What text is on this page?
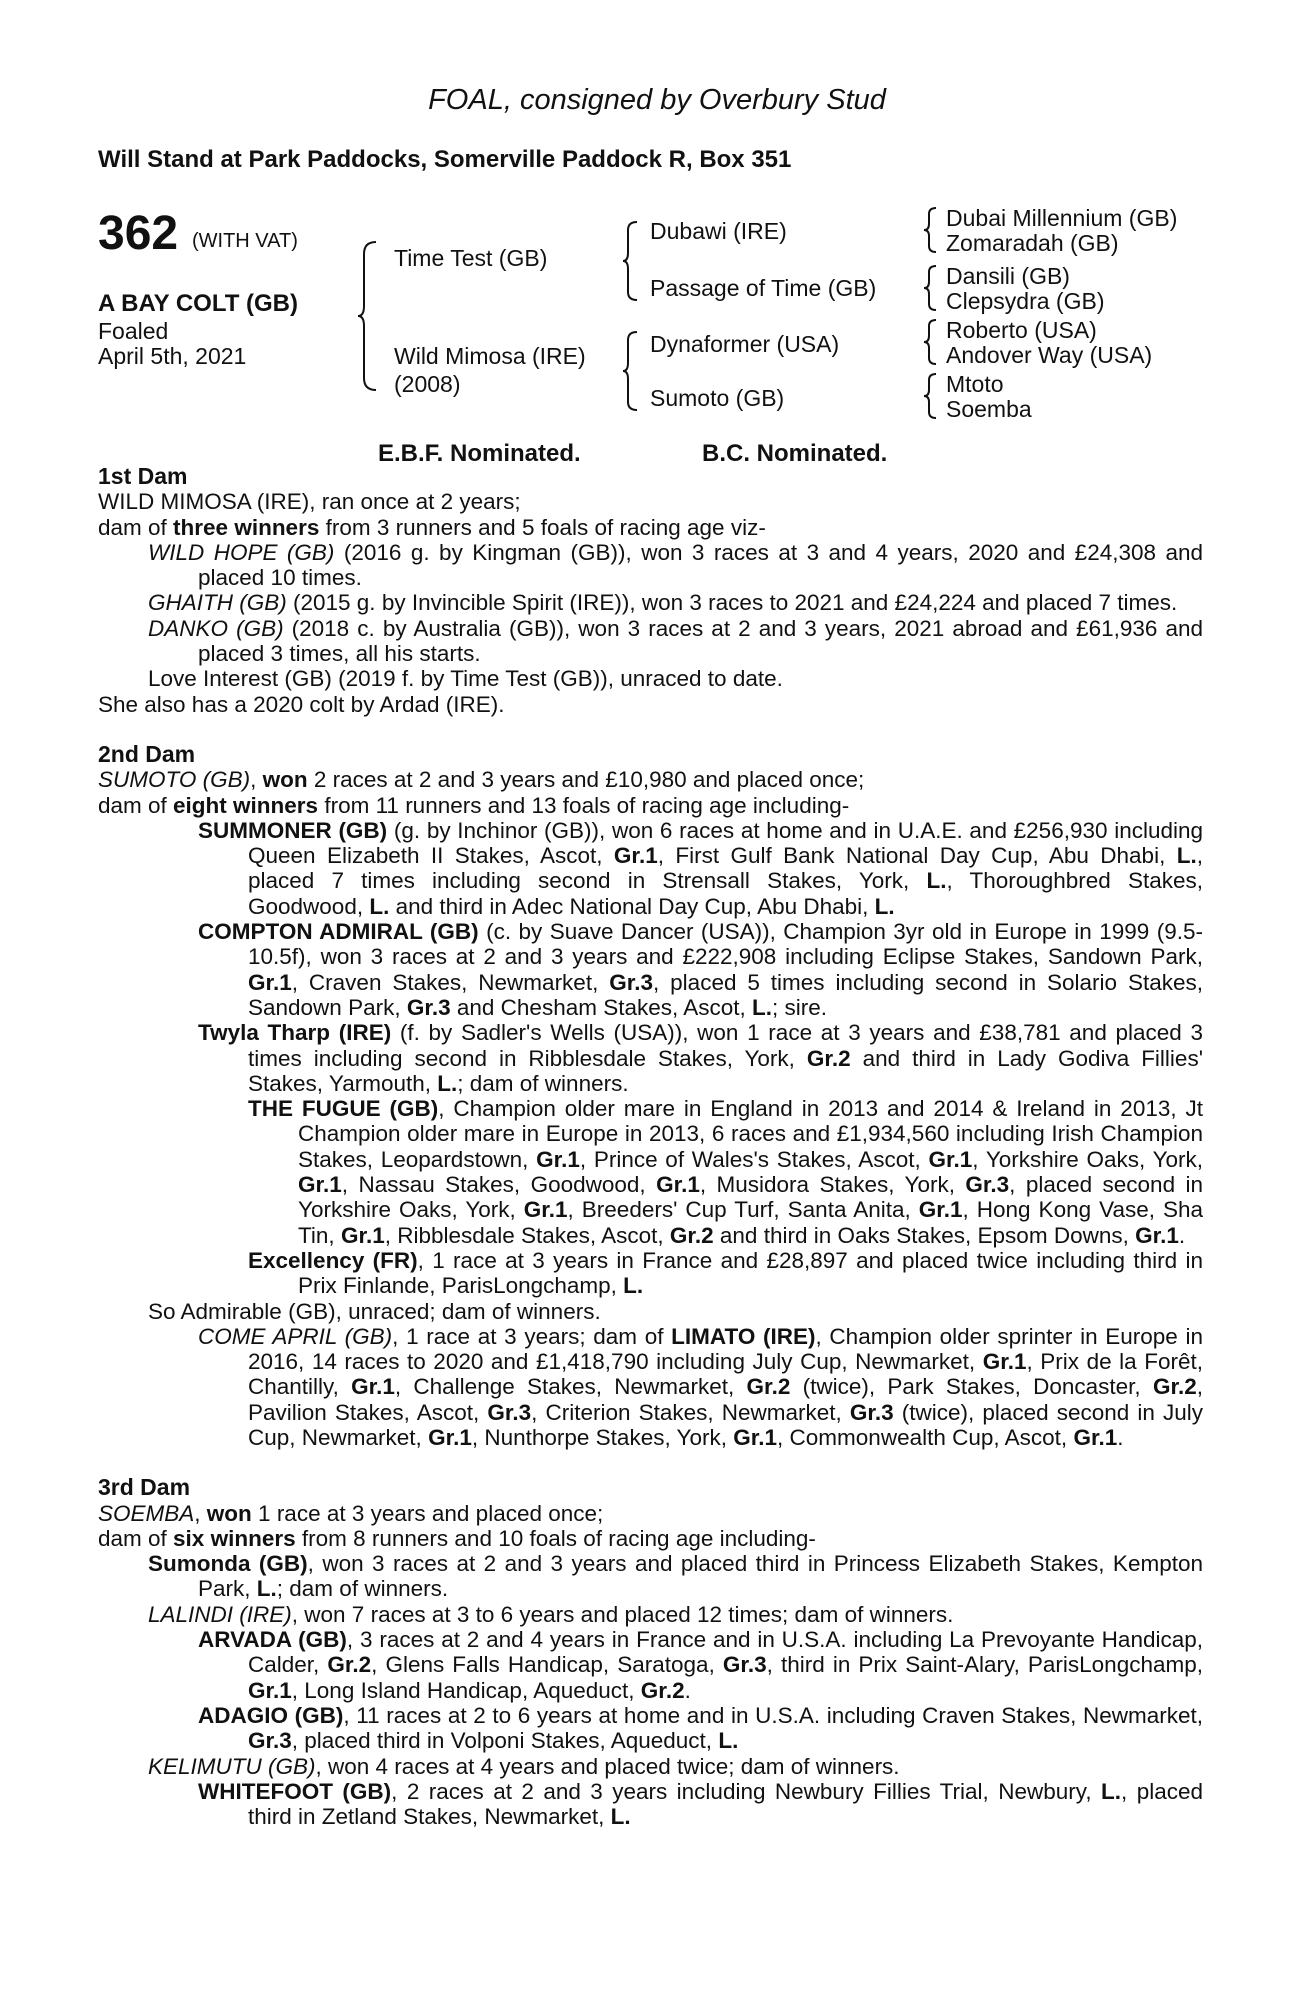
FOAL, consigned by Overbury Stud
Will Stand at Park Paddocks, Somerville Paddock R, Box 351
362 (WITH VAT)
A BAY COLT (GB)
Foaled
April 5th, 2021
Time Test (GB)
Wild Mimosa (IRE)
(2008)
Dubawi (IRE)
Passage of Time (GB)
Dynaformer (USA)
Sumoto (GB)
Dubai Millennium (GB)
Zomaradah (GB)
Dansili (GB)
Clepsydra (GB)
Roberto (USA)
Andover Way (USA)
Mtoto
Soemba
E.B.F. Nominated.	B.C. Nominated.
1st Dam
WILD MIMOSA (IRE), ran once at 2 years;
dam of three winners from 3 runners and 5 foals of racing age viz-
WILD HOPE (GB) (2016 g. by Kingman (GB)), won 3 races at 3 and 4 years, 2020 and £24,308 and placed 10 times.
GHAITH (GB) (2015 g. by Invincible Spirit (IRE)), won 3 races to 2021 and £24,224 and placed 7 times.
DANKO (GB) (2018 c. by Australia (GB)), won 3 races at 2 and 3 years, 2021 abroad and £61,936 and placed 3 times, all his starts.
Love Interest (GB) (2019 f. by Time Test (GB)), unraced to date.
She also has a 2020 colt by Ardad (IRE).
2nd Dam
SUMOTO (GB), won 2 races at 2 and 3 years and £10,980 and placed once;
dam of eight winners from 11 runners and 13 foals of racing age including-
SUMMONER (GB) (g. by Inchinor (GB)), won 6 races at home and in U.A.E. and £256,930 including Queen Elizabeth II Stakes, Ascot, Gr.1, First Gulf Bank National Day Cup, Abu Dhabi, L., placed 7 times including second in Strensall Stakes, York, L., Thoroughbred Stakes, Goodwood, L. and third in Adec National Day Cup, Abu Dhabi, L.
COMPTON ADMIRAL (GB) (c. by Suave Dancer (USA)), Champion 3yr old in Europe in 1999 (9.5-10.5f), won 3 races at 2 and 3 years and £222,908 including Eclipse Stakes, Sandown Park, Gr.1, Craven Stakes, Newmarket, Gr.3, placed 5 times including second in Solario Stakes, Sandown Park, Gr.3 and Chesham Stakes, Ascot, L.; sire.
Twyla Tharp (IRE) (f. by Sadler's Wells (USA)), won 1 race at 3 years and £38,781 and placed 3 times including second in Ribblesdale Stakes, York, Gr.2 and third in Lady Godiva Fillies' Stakes, Yarmouth, L.; dam of winners.
THE FUGUE (GB), Champion older mare in England in 2013 and 2014 & Ireland in 2013, Jt Champion older mare in Europe in 2013, 6 races and £1,934,560 including Irish Champion Stakes, Leopardstown, Gr.1, Prince of Wales's Stakes, Ascot, Gr.1, Yorkshire Oaks, York, Gr.1, Nassau Stakes, Goodwood, Gr.1, Musidora Stakes, York, Gr.3, placed second in Yorkshire Oaks, York, Gr.1, Breeders' Cup Turf, Santa Anita, Gr.1, Hong Kong Vase, Sha Tin, Gr.1, Ribblesdale Stakes, Ascot, Gr.2 and third in Oaks Stakes, Epsom Downs, Gr.1.
Excellency (FR), 1 race at 3 years in France and £28,897 and placed twice including third in Prix Finlande, ParisLongchamp, L.
So Admirable (GB), unraced; dam of winners.
COME APRIL (GB), 1 race at 3 years; dam of LIMATO (IRE), Champion older sprinter in Europe in 2016, 14 races to 2020 and £1,418,790 including July Cup, Newmarket, Gr.1, Prix de la Forêt, Chantilly, Gr.1, Challenge Stakes, Newmarket, Gr.2 (twice), Park Stakes, Doncaster, Gr.2, Pavilion Stakes, Ascot, Gr.3, Criterion Stakes, Newmarket, Gr.3 (twice), placed second in July Cup, Newmarket, Gr.1, Nunthorpe Stakes, York, Gr.1, Commonwealth Cup, Ascot, Gr.1.
3rd Dam
SOEMBA, won 1 race at 3 years and placed once;
dam of six winners from 8 runners and 10 foals of racing age including-
Sumonda (GB), won 3 races at 2 and 3 years and placed third in Princess Elizabeth Stakes, Kempton Park, L.; dam of winners.
LALINDI (IRE), won 7 races at 3 to 6 years and placed 12 times; dam of winners.
ARVADA (GB), 3 races at 2 and 4 years in France and in U.S.A. including La Prevoyante Handicap, Calder, Gr.2, Glens Falls Handicap, Saratoga, Gr.3, third in Prix Saint-Alary, ParisLongchamp, Gr.1, Long Island Handicap, Aqueduct, Gr.2.
ADAGIO (GB), 11 races at 2 to 6 years at home and in U.S.A. including Craven Stakes, Newmarket, Gr.3, placed third in Volponi Stakes, Aqueduct, L.
KELIMUTU (GB), won 4 races at 4 years and placed twice; dam of winners.
WHITEFOOT (GB), 2 races at 2 and 3 years including Newbury Fillies Trial, Newbury, L., placed third in Zetland Stakes, Newmarket, L.
